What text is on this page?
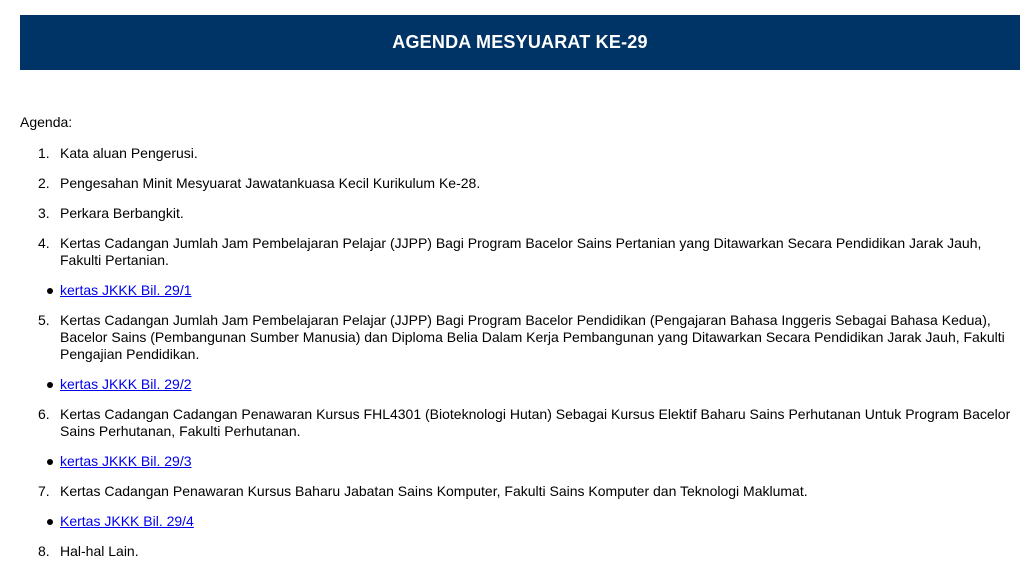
AGENDA MESYUARAT KE-29
Agenda:
1. Kata aluan Pengerusi.
2. Pengesahan Minit Mesyuarat Jawatankuasa Kecil Kurikulum Ke-28.
3. Perkara Berbangkit.
4. Kertas Cadangan Jumlah Jam Pembelajaran Pelajar (JJPP) Bagi Program Bacelor Sains Pertanian yang Ditawarkan Secara Pendidikan Jarak Jauh, Fakulti Pertanian.
kertas JKKK Bil. 29/1
5. Kertas Cadangan Jumlah Jam Pembelajaran Pelajar (JJPP) Bagi Program Bacelor Pendidikan (Pengajaran Bahasa Inggeris Sebagai Bahasa Kedua), Bacelor Sains (Pembangunan Sumber Manusia) dan Diploma Belia Dalam Kerja Pembangunan yang Ditawarkan Secara Pendidikan Jarak Jauh, Fakulti Pengajian Pendidikan.
kertas JKKK Bil. 29/2
6. Kertas Cadangan Cadangan Penawaran Kursus FHL4301 (Bioteknologi Hutan) Sebagai Kursus Elektif Baharu Sains Perhutanan Untuk Program Bacelor Sains Perhutanan, Fakulti Perhutanan.
kertas JKKK Bil. 29/3
7. Kertas Cadangan Penawaran Kursus Baharu Jabatan Sains Komputer, Fakulti Sains Komputer dan Teknologi Maklumat.
Kertas JKKK Bil. 29/4
8. Hal-hal Lain.
